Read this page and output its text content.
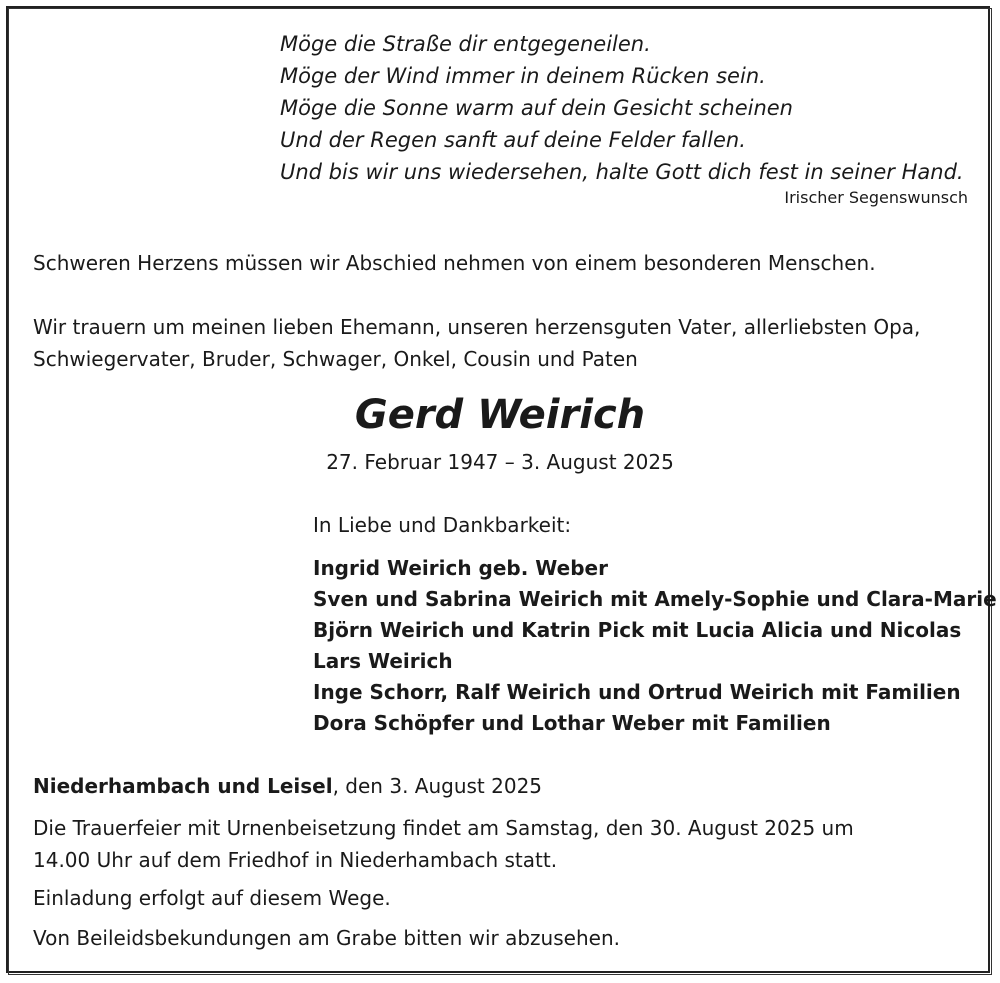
Möge die Straße dir entgegeneilen.
Möge der Wind immer in deinem Rücken sein.
Möge die Sonne warm auf dein Gesicht scheinen
Und der Regen sanft auf deine Felder fallen.
Und bis wir uns wiedersehen, halte Gott dich fest in seiner Hand.
Irischer Segenswunsch
Schweren Herzens müssen wir Abschied nehmen von einem besonderen Menschen.
Wir trauern um meinen lieben Ehemann, unseren herzensguten Vater, allerliebsten Opa,
Schwiegervater, Bruder, Schwager, Onkel, Cousin und Paten
Gerd Weirich
27. Februar 1947 – 3. August 2025
In Liebe und Dankbarkeit:
Ingrid Weirich geb. Weber
Sven und Sabrina Weirich mit Amely-Sophie und Clara-Marie
Björn Weirich und Katrin Pick mit Lucia Alicia und Nicolas
Lars Weirich
Inge Schorr, Ralf Weirich und Ortrud Weirich mit Familien
Dora Schöpfer und Lothar Weber mit Familien
Niederhambach und Leisel, den 3. August 2025
Die Trauerfeier mit Urnenbeisetzung findet am Samstag, den 30. August 2025 um
14.00 Uhr auf dem Friedhof in Niederhambach statt.
Einladung erfolgt auf diesem Wege.
Von Beileidsbekundungen am Grabe bitten wir abzusehen.
